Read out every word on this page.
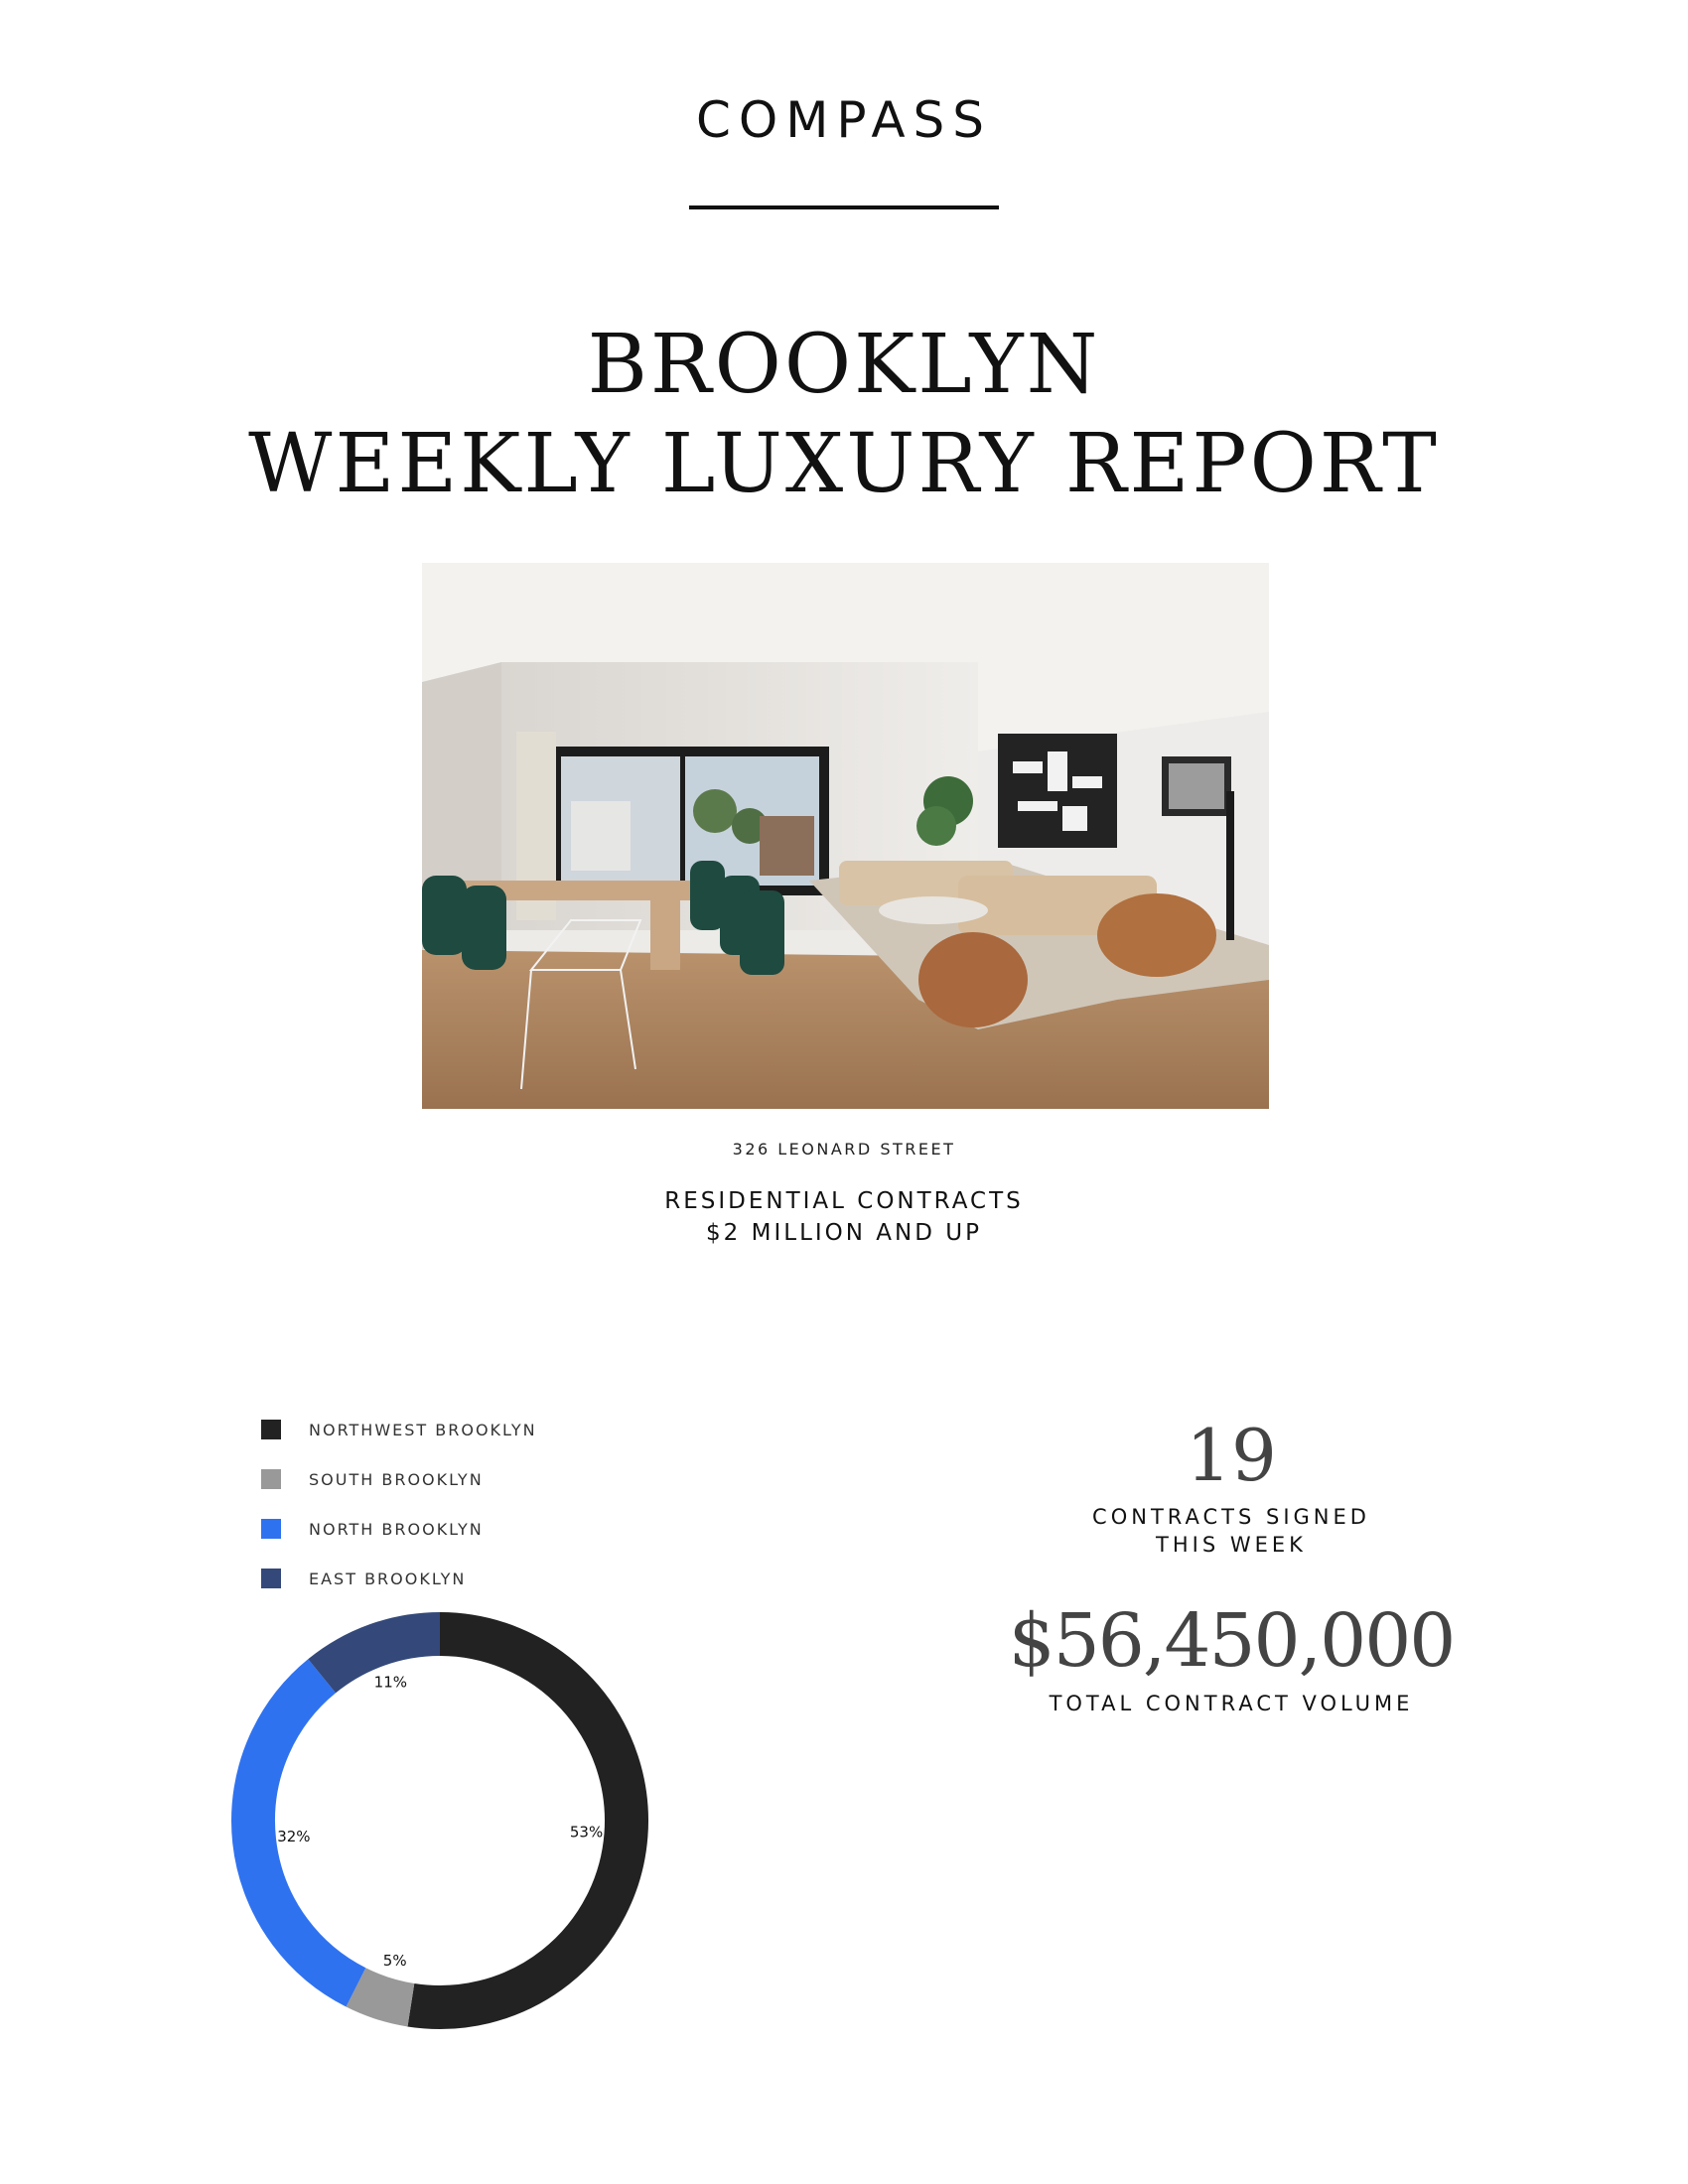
COMPASS
BROOKLYN
WEEKLY LUXURY REPORT
326 LEONARD STREET
RESIDENTIAL CONTRACTS
$2 MILLION AND UP
NORTHWEST BROOKLYN
SOUTH BROOKLYN
NORTH BROOKLYN
EAST BROOKLYN
53%
5%
32%
11%
19
CONTRACTS SIGNED
THIS WEEK
$56,450,000
TOTAL CONTRACT VOLUME
